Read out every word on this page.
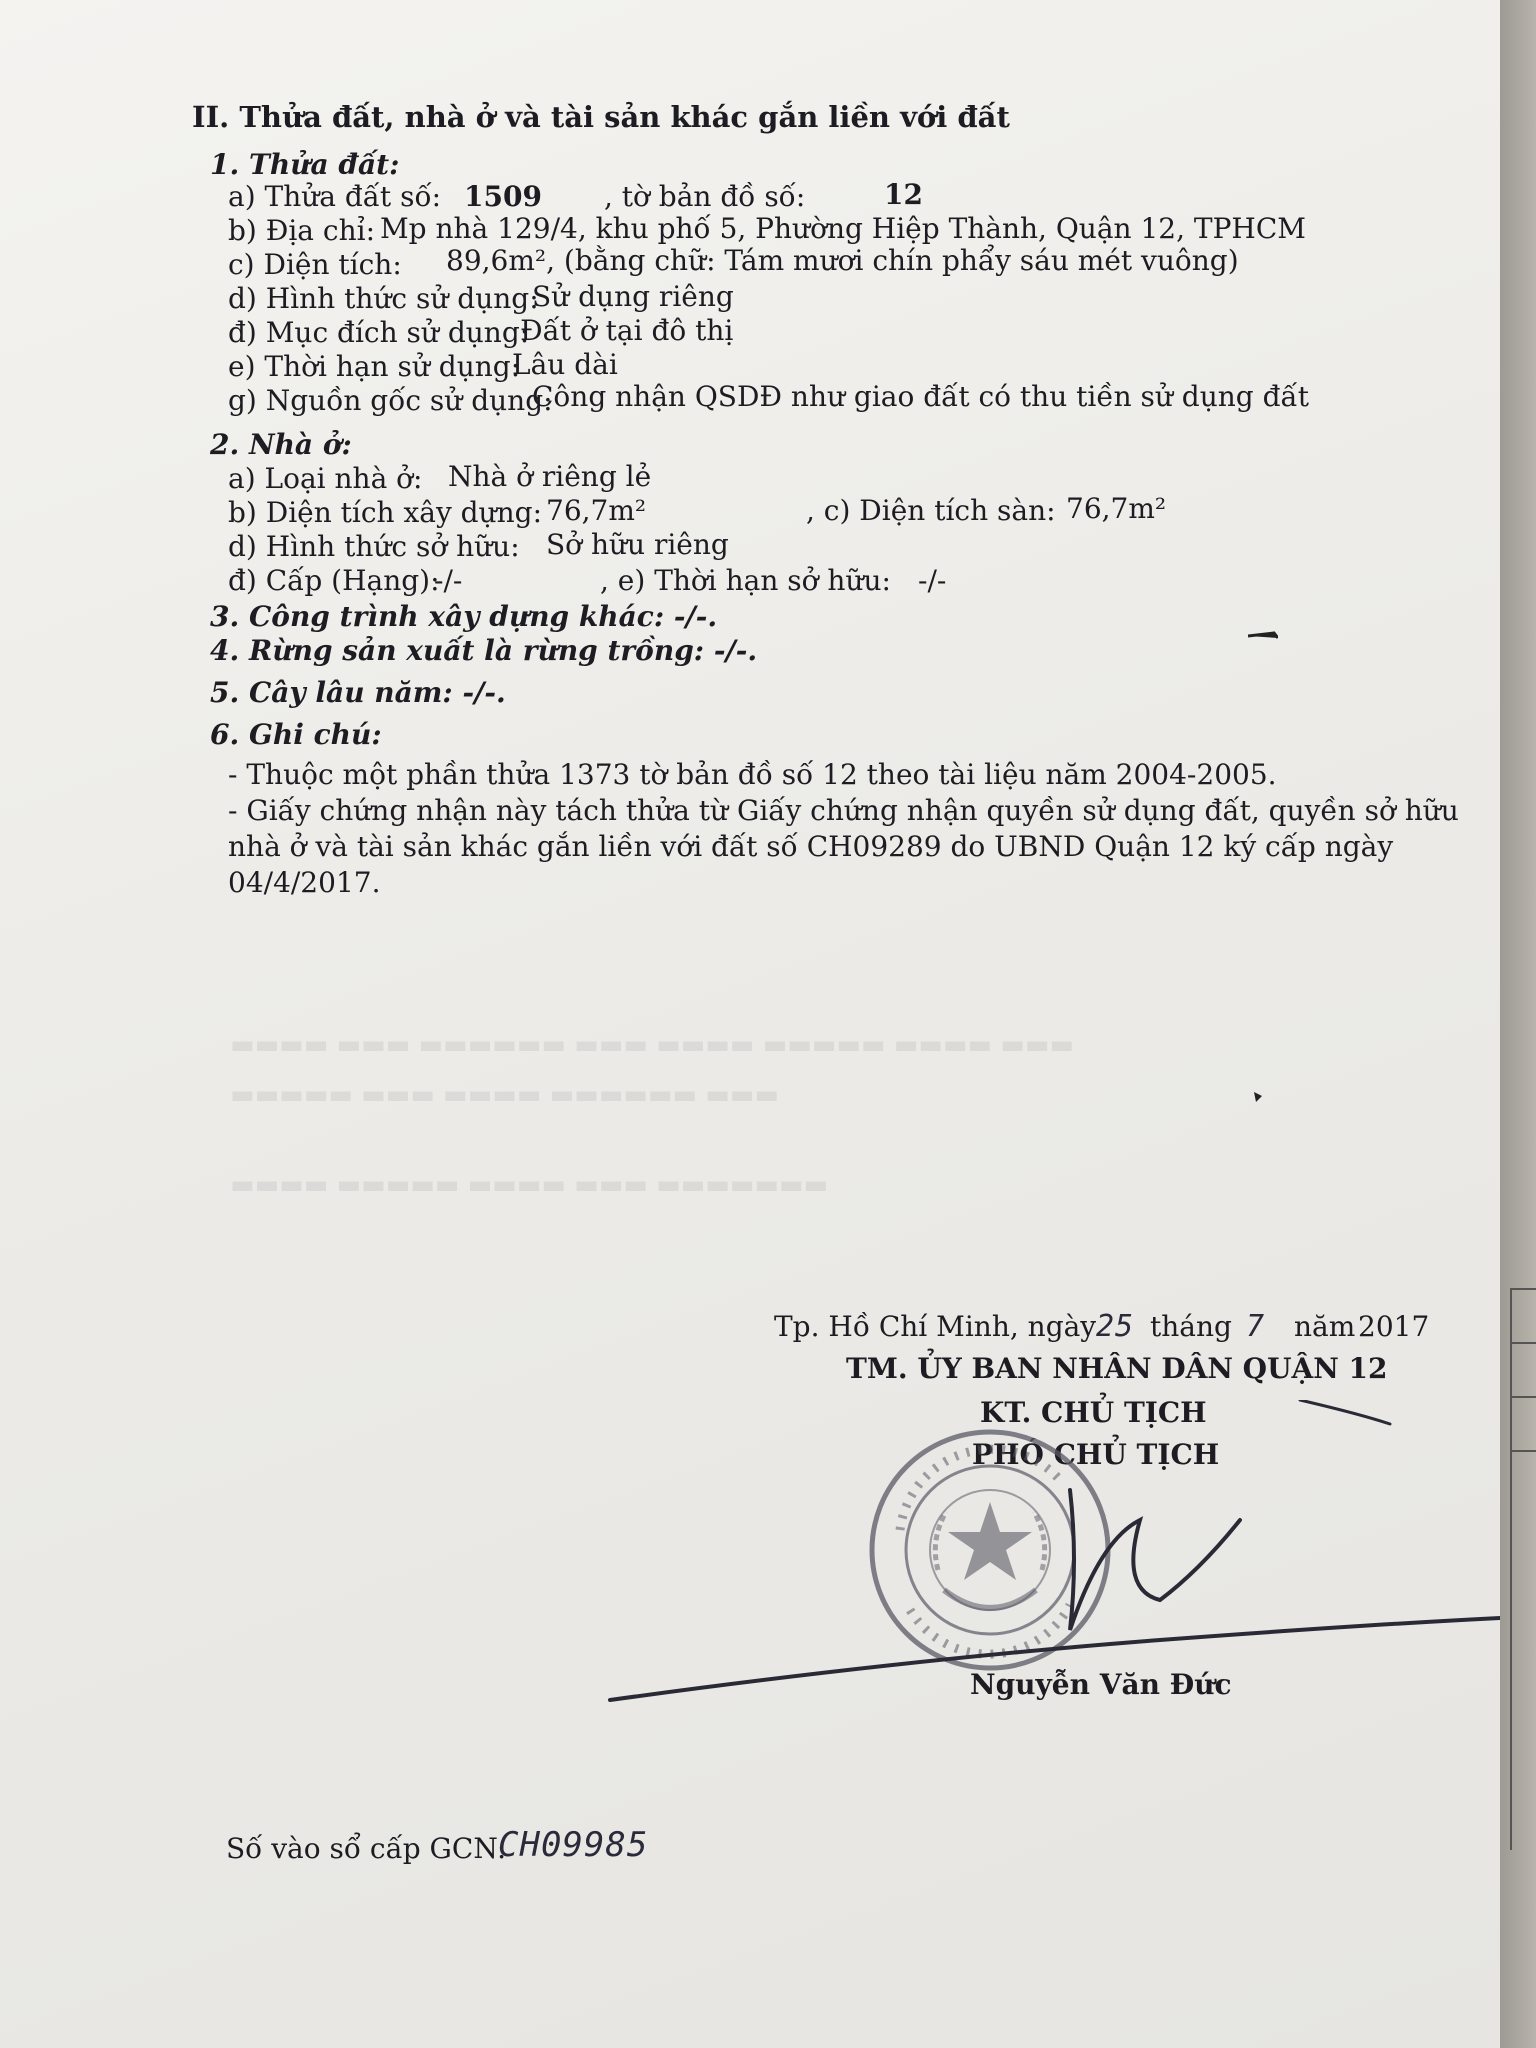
II. Thửa đất, nhà ở và tài sản khác gắn liền với đất
1. Thửa đất:
a) Thửa đất số: 1509 , tờ bản đồ số:	12
b) Địa chỉ: Mp nhà 129/4, khu phố 5, Phường Hiệp Thành, Quận 12, TPHCM
c) Diện tích: 89,6m², (bằng chữ: Tám mươi chín phẩy sáu mét vuông)
d) Hình thức sử dụng:
Sử dụng riêng
đ) Mục đích sử dụng:
Đất ở tại đô thị
e) Thời hạn sử dụng:
Lâu dài
g) Nguồn gốc sử dụng:
Công nhận QSDĐ như giao đất có thu tiền sử dụng đất
2. Nhà ở:
a) Loại nhà ở: Nhà ở riêng lẻ
b) Diện tích xây dựng: 76,7m²	, c) Diện tích sàn: 76,7m²
d) Hình thức sở hữu: Sở hữu riêng
đ) Cấp (Hạng):
-/-	, e) Thời hạn sở hữu: -/-
3. Công trình xây dựng khác: -/-.
4. Rừng sản xuất là rừng trồng: -/-.
5. Cây lâu năm: -/-.
6. Ghi chú:
- Thuộc một phần thửa 1373 tờ bản đồ số 12 theo tài liệu năm 2004-2005.
- Giấy chứng nhận này tách thửa từ Giấy chứng nhận quyền sử dụng đất, quyền sở hữu
nhà ở và tài sản khác gắn liền với đất số CH09289 do UBND Quận 12 ký cấp ngày
04/4/2017.
▬▬▬▬ ▬▬▬ ▬▬▬▬▬▬ ▬▬▬ ▬▬▬▬ ▬▬▬▬▬ ▬▬▬▬ ▬▬▬
▬▬▬▬▬ ▬▬▬ ▬▬▬▬ ▬▬▬▬▬▬ ▬▬▬
▬▬▬▬ ▬▬▬▬▬ ▬▬▬▬ ▬▬▬ ▬▬▬▬▬▬▬
Tp. Hồ Chí Minh, ngày 25 tháng 7 năm 2017
TM. ỦY BAN NHÂN DÂN QUẬN 12
KT. CHỦ TỊCH
PHÓ CHỦ TỊCH
Nguyễn Văn Đức
Số vào sổ cấp GCN:
CH09985
